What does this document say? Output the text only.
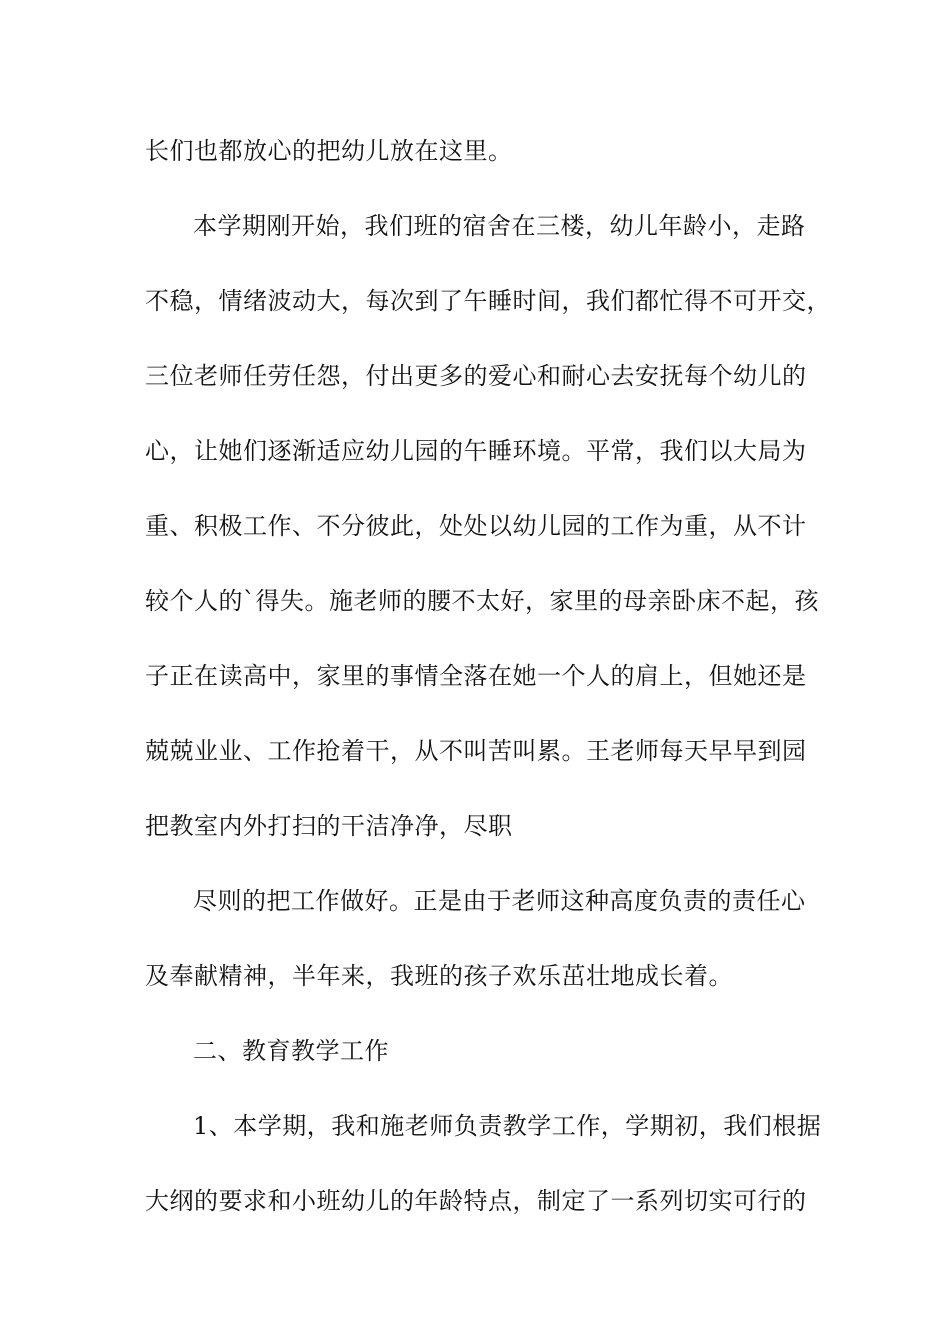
长们也都放心的把幼儿放在这里。
本学期刚开始，我们班的宿舍在三楼，幼儿年龄小，走路
不稳，情绪波动大，每次到了午睡时间，我们都忙得不可开交，
三位老师任劳任怨，付出更多的爱心和耐心去安抚每个幼儿的
心，让她们逐渐适应幼儿园的午睡环境。平常，我们以大局为
重、积极工作、不分彼此，处处以幼儿园的工作为重，从不计
较个人的`得失。施老师的腰不太好，家里的母亲卧床不起，孩
子正在读高中，家里的事情全落在她一个人的肩上，但她还是
兢兢业业、工作抢着干，从不叫苦叫累。王老师每天早早到园
把教室内外打扫的干洁净净，尽职
尽则的把工作做好。正是由于老师这种高度负责的责任心
及奉献精神，半年来，我班的孩子欢乐茁壮地成长着。
二、教育教学工作
1、本学期，我和施老师负责教学工作，学期初，我们根据
大纲的要求和小班幼儿的年龄特点，制定了一系列切实可行的
